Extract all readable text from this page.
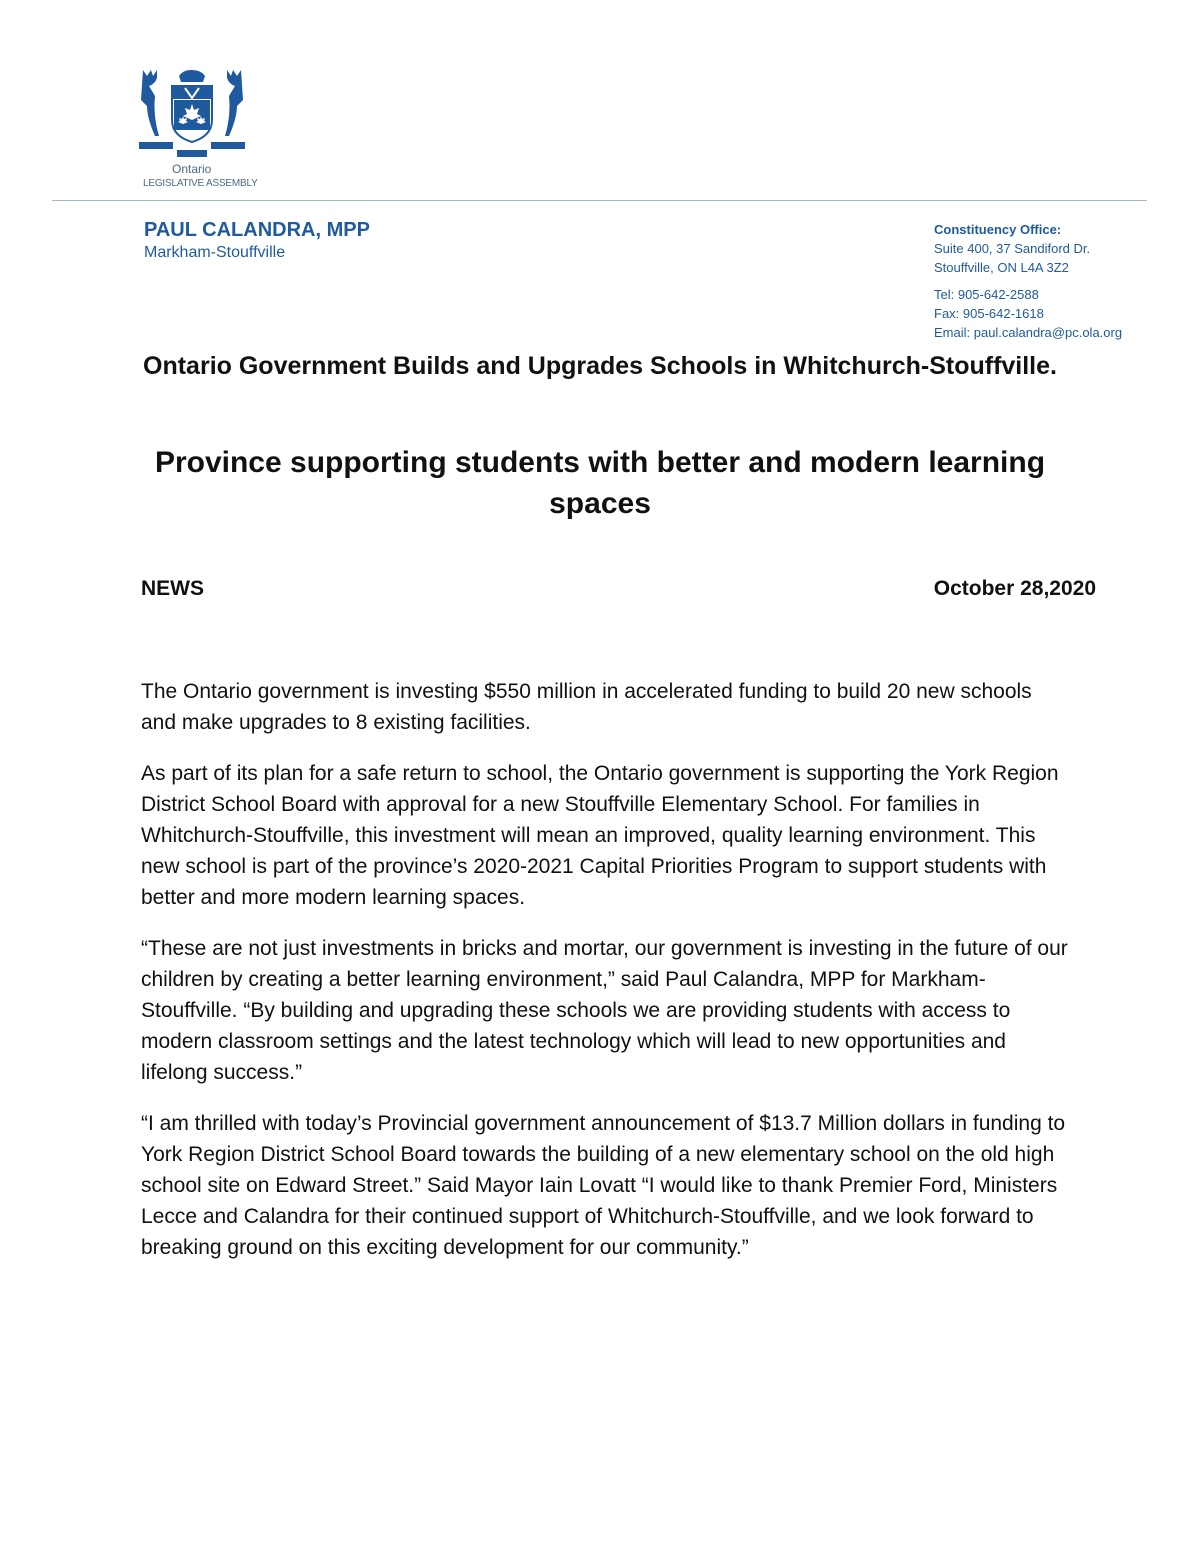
Ontario
LEGISLATIVE ASSEMBLY
PAUL CALANDRA, MPP
Markham-Stouffville
Constituency Office:
Suite 400, 37 Sandiford Dr.
Stouffville, ON L4A 3Z2
Tel: 905-642-2588
Fax: 905-642-1618
Email: paul.calandra@pc.ola.org
Ontario Government Builds and Upgrades Schools in Whitchurch-Stouffville.
Province supporting students with better and modern learning spaces
NEWS	October 28,2020

The Ontario government is investing $550 million in accelerated funding to build 20 new schools and make upgrades to 8 existing facilities.

As part of its plan for a safe return to school, the Ontario government is supporting the York Region District School Board with approval for a new Stouffville Elementary School. For families in Whitchurch-Stouffville, this investment will mean an improved, quality learning environment. This new school is part of the province’s 2020-2021 Capital Priorities Program to support students with better and more modern learning spaces.

“These are not just investments in bricks and mortar, our government is investing in the future of our children by creating a better learning environment,” said Paul Calandra, MPP for Markham-Stouffville. “By building and upgrading these schools we are providing students with access to modern classroom settings and the latest technology which will lead to new opportunities and lifelong success.”

“I am thrilled with today’s Provincial government announcement of $13.7 Million dollars in funding to York Region District School Board towards the building of a new elementary school on the old high school site on Edward Street.” Said Mayor Iain Lovatt “I would like to thank Premier Ford, Ministers Lecce and Calandra for their continued support of Whitchurch-Stouffville, and we look forward to breaking ground on this exciting development for our community.”
